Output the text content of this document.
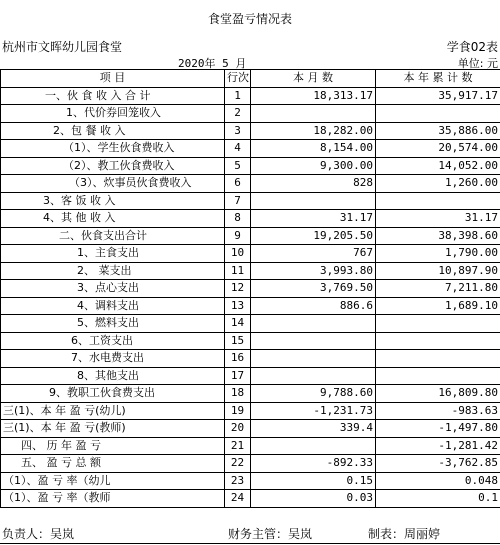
食堂盈亏情况表
杭州市文晖幼儿园食堂	学食02表
2020年 5 月	单位: 元
项 目	行次	本 月 数	本 年 累 计 数
一、伙 食 收 入 合 计	1	18,313.17	35,917.17
1、代价券回笼收入	2		
2、包 餐 收 入	3	18,282.00	35,886.00
（1）、学生伙食费收入	4	8,154.00	20,574.00
（2）、教工伙食费收入	5	9,300.00	14,052.00
（3）、炊事员伙食费收入	6	828	1,260.00
3、客 饭 收 入	7		
4、其 他 收 入	8	31.17	31.17
二、伙食支出合计	9	19,205.50	38,398.60
1、主食支出	10	767	1,790.00
2、 菜支出	11	3,993.80	10,897.90
3、点心支出	12	3,769.50	7,211.80
4、调料支出	13	886.6	1,689.10
5、燃料支出	14		
6、工资支出	15		
7、水电费支出	16		
8、其他支出	17		
9、教职工伙食费支出	18	9,788.60	16,809.80
三(1)、本 年 盈 亏(幼儿)	19	-1,231.73	-983.63
三(1)、本 年 盈 亏(教师)	20	339.4	-1,497.80
四、 历 年 盈 亏	21		-1,281.42
五、 盈 亏 总 额	22	-892.33	-3,762.85
（1）、盈 亏 率（幼儿	23	0.15	0.048
（1）、盈 亏 率（教师	24	0.03	0.1
负责人：吴岚	财务主管：吴岚	制表：周丽婷
